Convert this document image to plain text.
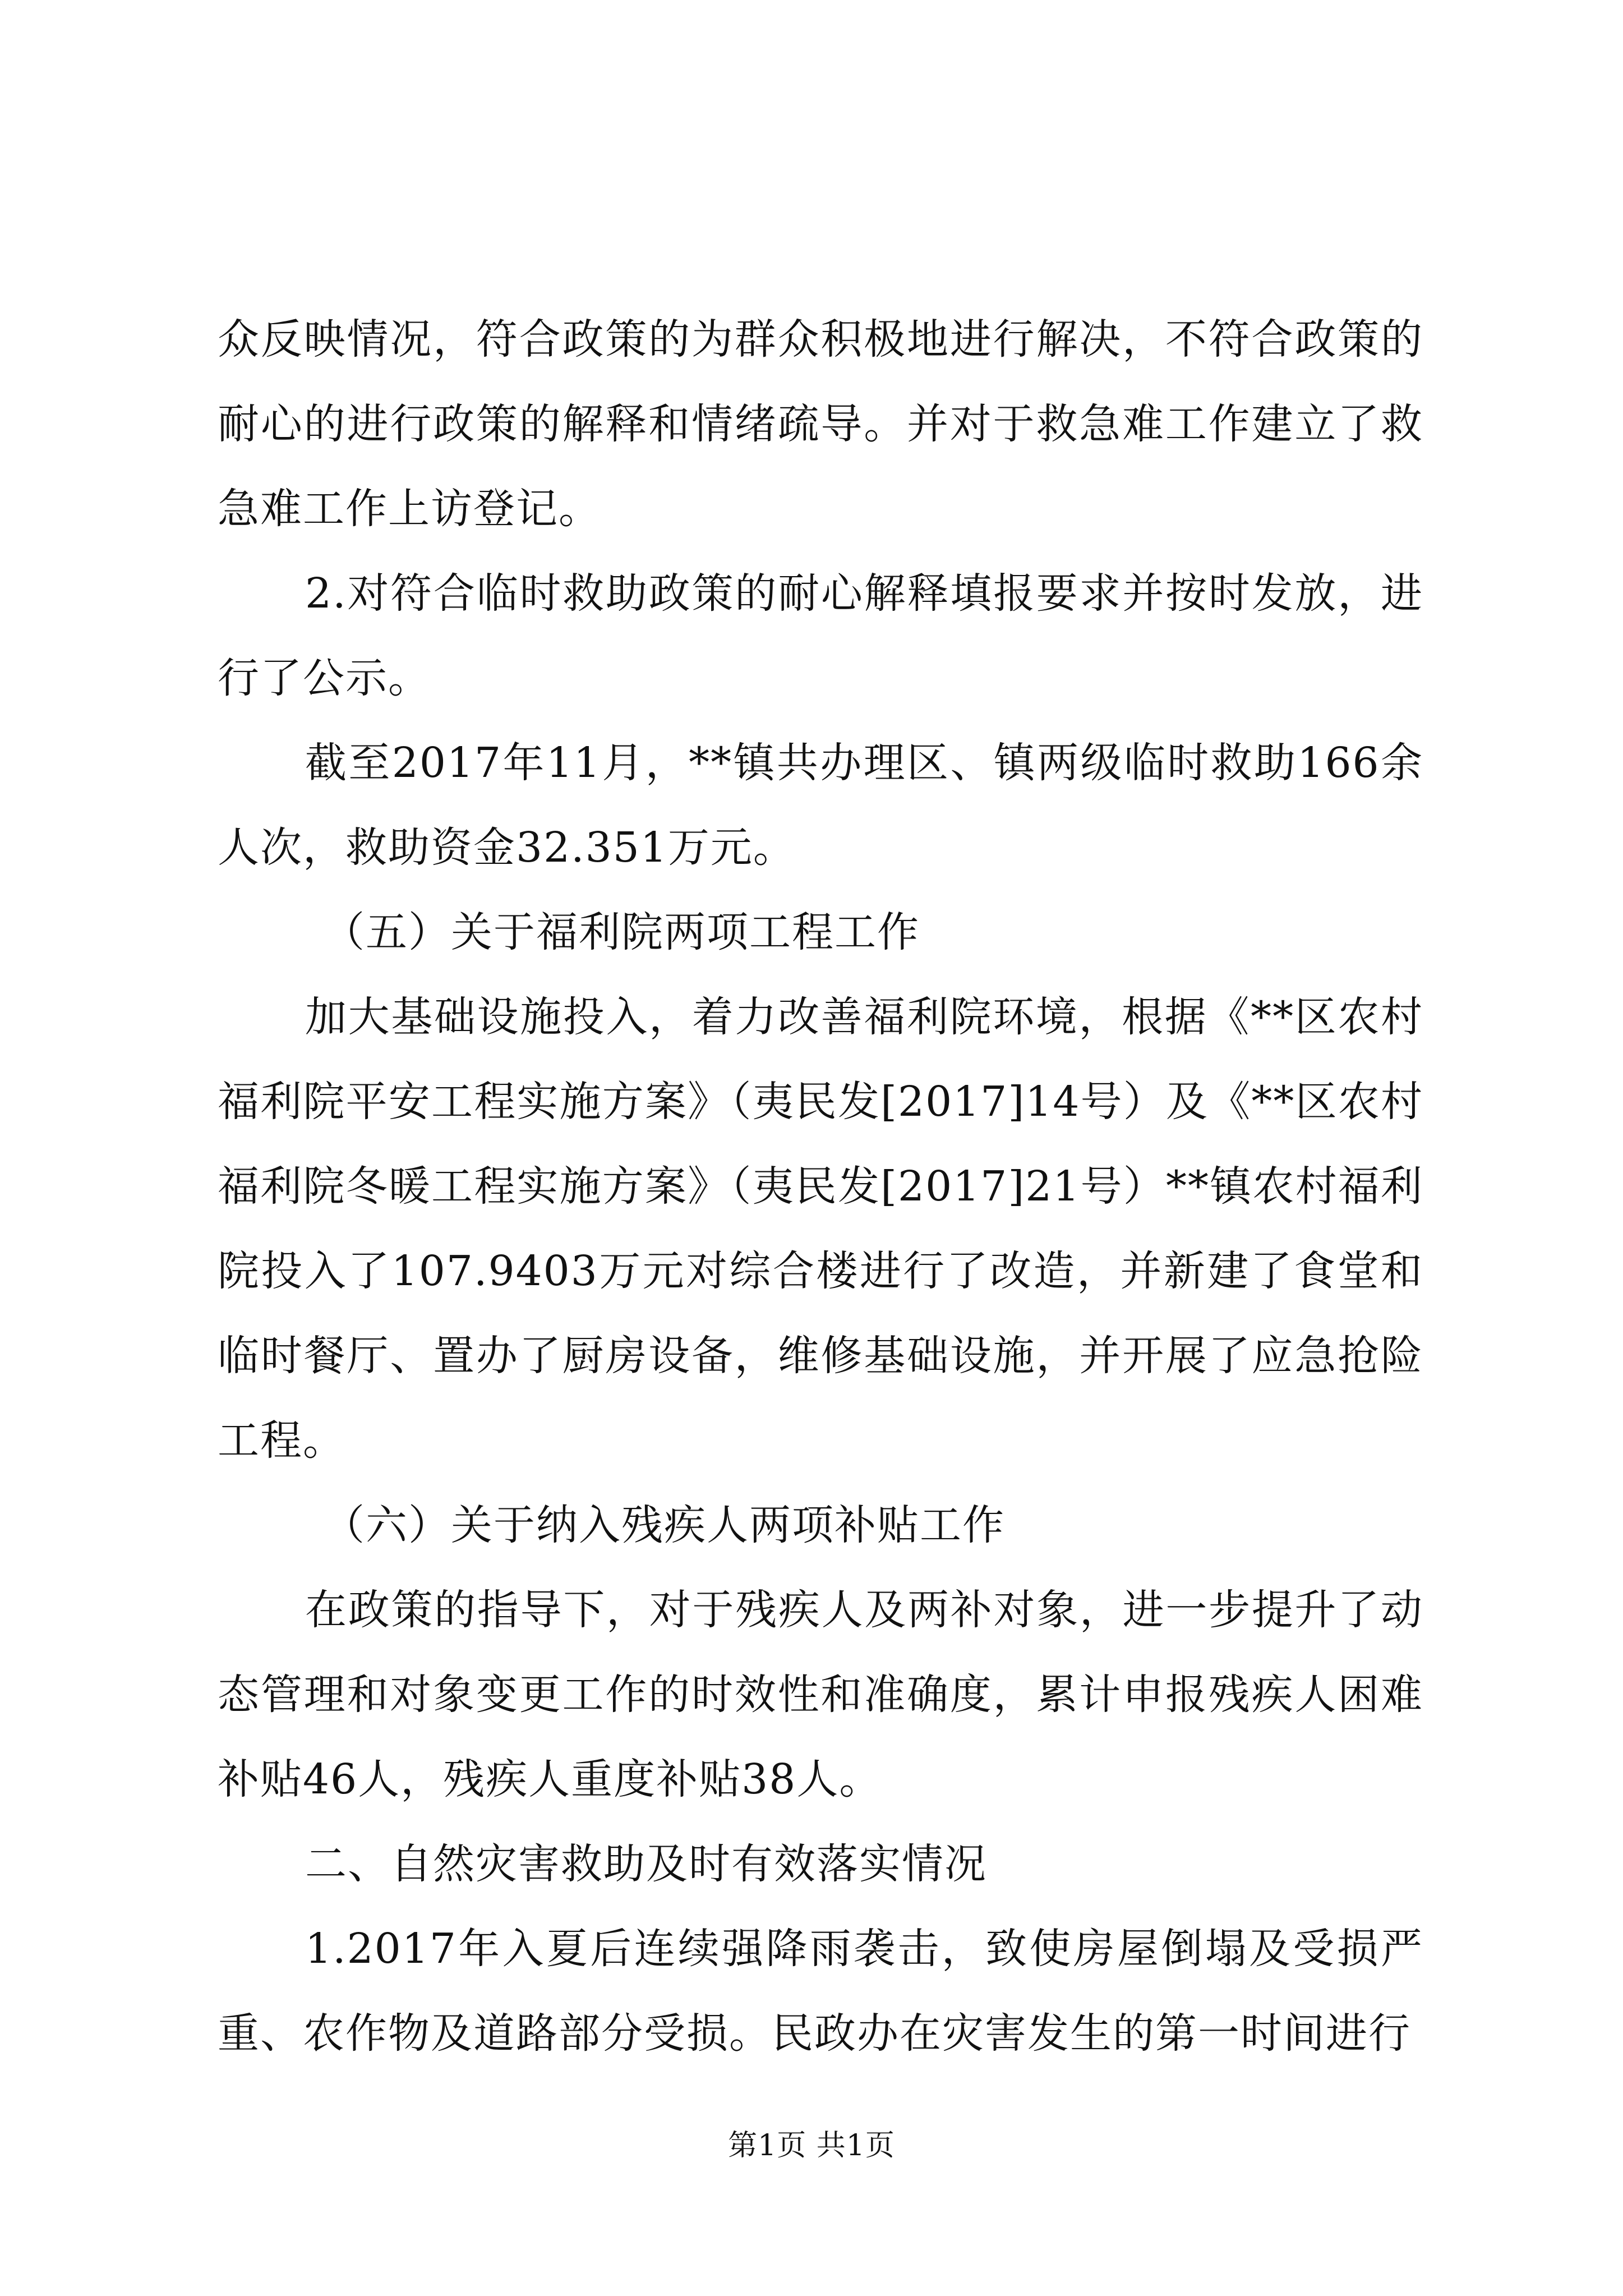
众反映情况，符合政策的为群众积极地进行解决，不符合政策的耐心的进行政策的解释和情绪疏导。并对于救急难工作建立了救急难工作上访登记。

2.对符合临时救助政策的耐心解释填报要求并按时发放，进行了公示。

截至2017年11月，**镇共办理区、镇两级临时救助166余人次，救助资金32.351万元。

（五）关于福利院两项工程工作

加大基础设施投入，着力改善福利院环境，根据《**区农村福利院平安工程实施方案》（夷民发[2017]14号）及《**区农村福利院冬暖工程实施方案》（夷民发[2017]21号）**镇农村福利院投入了107.9403万元对综合楼进行了改造，并新建了食堂和临时餐厅、置办了厨房设备，维修基础设施，并开展了应急抢险工程。

（六）关于纳入残疾人两项补贴工作

在政策的指导下，对于残疾人及两补对象，进一步提升了动态管理和对象变更工作的时效性和准确度，累计申报残疾人困难补贴46人，残疾人重度补贴38人。

二、自然灾害救助及时有效落实情况

1.2017年入夏后连续强降雨袭击，致使房屋倒塌及受损严重、农作物及道路部分受损。民政办在灾害发生的第一时间进行

第1页 共1页
